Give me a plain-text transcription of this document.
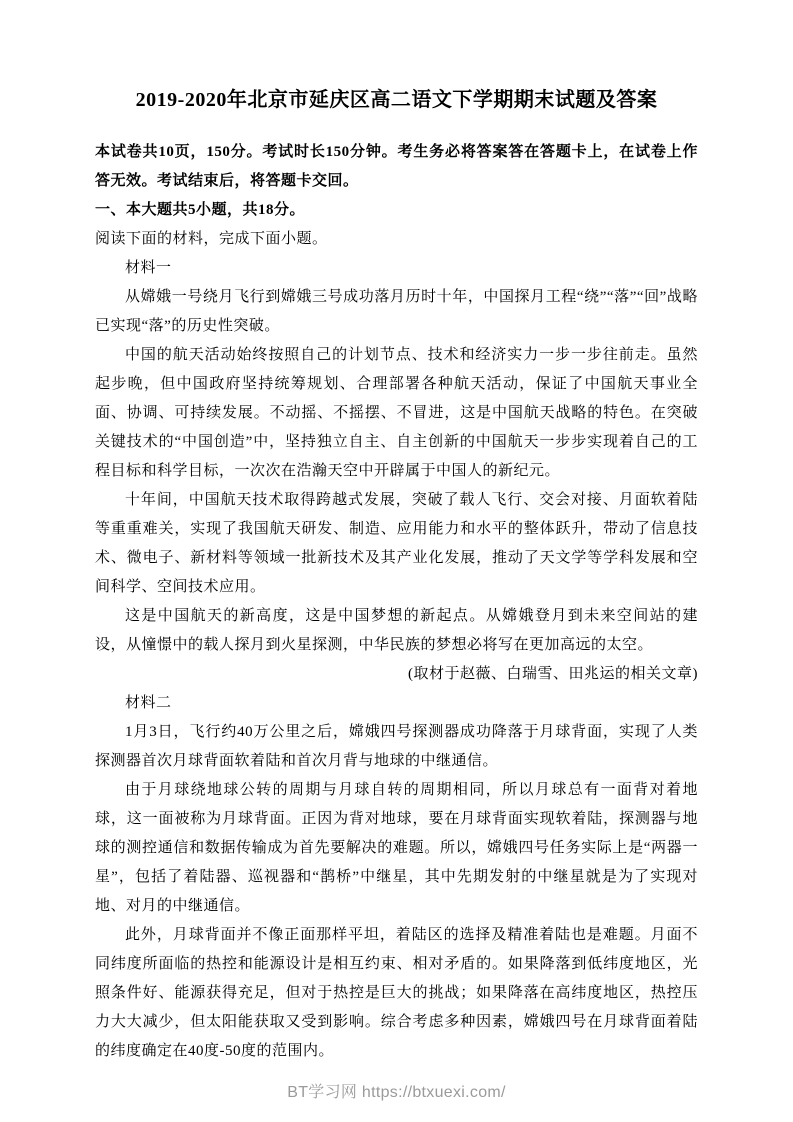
2019-2020年北京市延庆区高二语文下学期期末试题及答案

本试卷共10页，150分。考试时长150分钟。考生务必将答案答在答题卡上，在试卷上作答无效。考试结束后，将答题卡交回。

一、本大题共5小题，共18分。

阅读下面的材料，完成下面小题。

材料一

从嫦娥一号绕月飞行到嫦娥三号成功落月历时十年，中国探月工程“绕”“落”“回”战略已实现“落”的历史性突破。

中国的航天活动始终按照自己的计划节点、技术和经济实力一步一步往前走。虽然起步晚，但中国政府坚持统筹规划、合理部署各种航天活动，保证了中国航天事业全面、协调、可持续发展。不动摇、不摇摆、不冒进，这是中国航天战略的特色。在突破关键技术的“中国创造”中，坚持独立自主、自主创新的中国航天一步步实现着自己的工程目标和科学目标，一次次在浩瀚天空中开辟属于中国人的新纪元。

十年间，中国航天技术取得跨越式发展，突破了载人飞行、交会对接、月面软着陆等重重难关，实现了我国航天研发、制造、应用能力和水平的整体跃升，带动了信息技术、微电子、新材料等领域一批新技术及其产业化发展，推动了天文学等学科发展和空间科学、空间技术应用。

这是中国航天的新高度，这是中国梦想的新起点。从嫦娥登月到未来空间站的建设，从憧憬中的载人探月到火星探测，中华民族的梦想必将写在更加高远的太空。

(取材于赵薇、白瑞雪、田兆运的相关文章)

材料二

1月3日，飞行约40万公里之后，嫦娥四号探测器成功降落于月球背面，实现了人类探测器首次月球背面软着陆和首次月背与地球的中继通信。

由于月球绕地球公转的周期与月球自转的周期相同，所以月球总有一面背对着地球，这一面被称为月球背面。正因为背对地球，要在月球背面实现软着陆，探测器与地球的测控通信和数据传输成为首先要解决的难题。所以，嫦娥四号任务实际上是“两器一星”，包括了着陆器、巡视器和“鹊桥”中继星，其中先期发射的中继星就是为了实现对地、对月的中继通信。

此外，月球背面并不像正面那样平坦，着陆区的选择及精准着陆也是难题。月面不同纬度所面临的热控和能源设计是相互约束、相对矛盾的。如果降落到低纬度地区，光照条件好、能源获得充足，但对于热控是巨大的挑战；如果降落在高纬度地区，热控压力大大减少，但太阳能获取又受到影响。综合考虑多种因素，嫦娥四号在月球背面着陆的纬度确定在40度-50度的范围内。

BT学习网 https://btxuexi.com/
